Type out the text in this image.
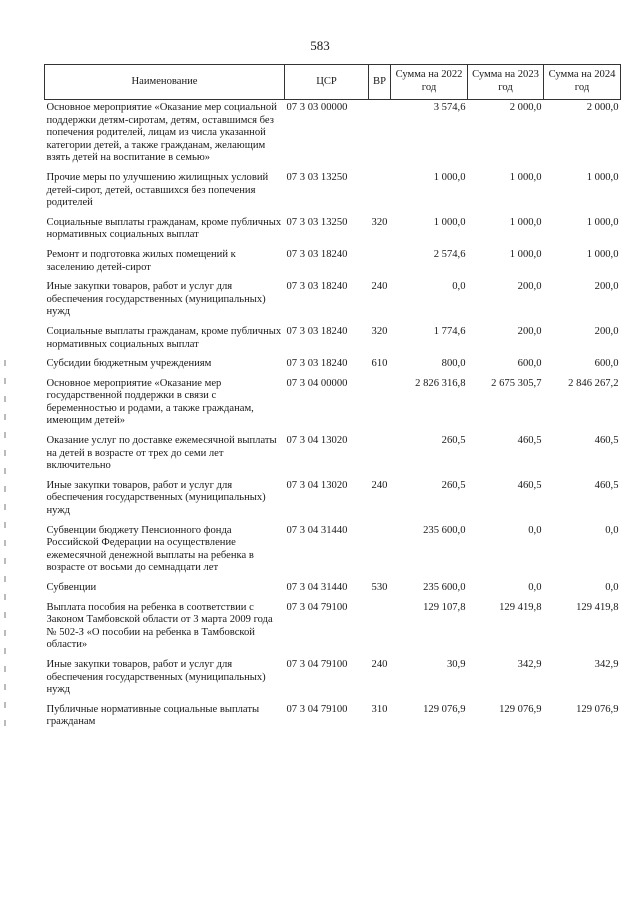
583
Наименование	ЦСР	ВР	Сумма на 2022 год	Сумма на 2023 год	Сумма на 2024 год
Основное мероприятие «Оказание мер социальной поддержки детям-сиротам, детям, оставшимся без попечения родителей, лицам из числа указанной категории детей, а также гражданам, желающим взять детей на воспитание в семью»	07 3 03 00000		3 574,6	2 000,0	2 000,0
Прочие меры по улучшению жилищных условий детей-сирот, детей, оставшихся без попечения родителей	07 3 03 13250		1 000,0	1 000,0	1 000,0
Социальные выплаты гражданам, кроме публичных нормативных социальных выплат	07 3 03 13250	320	1 000,0	1 000,0	1 000,0
Ремонт и подготовка жилых помещений к заселению детей-сирот	07 3 03 18240		2 574,6	1 000,0	1 000,0
Иные закупки товаров, работ и услуг для обеспечения государственных (муниципальных) нужд	07 3 03 18240	240	0,0	200,0	200,0
Социальные выплаты гражданам, кроме публичных нормативных социальных выплат	07 3 03 18240	320	1 774,6	200,0	200,0
Субсидии бюджетным учреждениям	07 3 03 18240	610	800,0	600,0	600,0
Основное мероприятие «Оказание мер государственной поддержки в связи с беременностью и родами, а также гражданам, имеющим детей»	07 3 04 00000		2 826 316,8	2 675 305,7	2 846 267,2
Оказание услуг по доставке ежемесячной выплаты на детей в возрасте от трех до семи лет включительно	07 3 04 13020		260,5	460,5	460,5
Иные закупки товаров, работ и услуг для обеспечения государственных (муниципальных) нужд	07 3 04 13020	240	260,5	460,5	460,5
Субвенции бюджету Пенсионного фонда Российской Федерации на осуществление ежемесячной денежной выплаты на ребенка в возрасте от восьми до семнадцати лет	07 3 04 31440		235 600,0	0,0	0,0
Субвенции	07 3 04 31440	530	235 600,0	0,0	0,0
Выплата пособия на ребенка в соответствии с Законом Тамбовской области от 3 марта 2009 года № 502-З «О пособии на ребенка в Тамбовской области»	07 3 04 79100		129 107,8	129 419,8	129 419,8
Иные закупки товаров, работ и услуг для обеспечения государственных (муниципальных) нужд	07 3 04 79100	240	30,9	342,9	342,9
Публичные нормативные социальные выплаты гражданам	07 3 04 79100	310	129 076,9	129 076,9	129 076,9
